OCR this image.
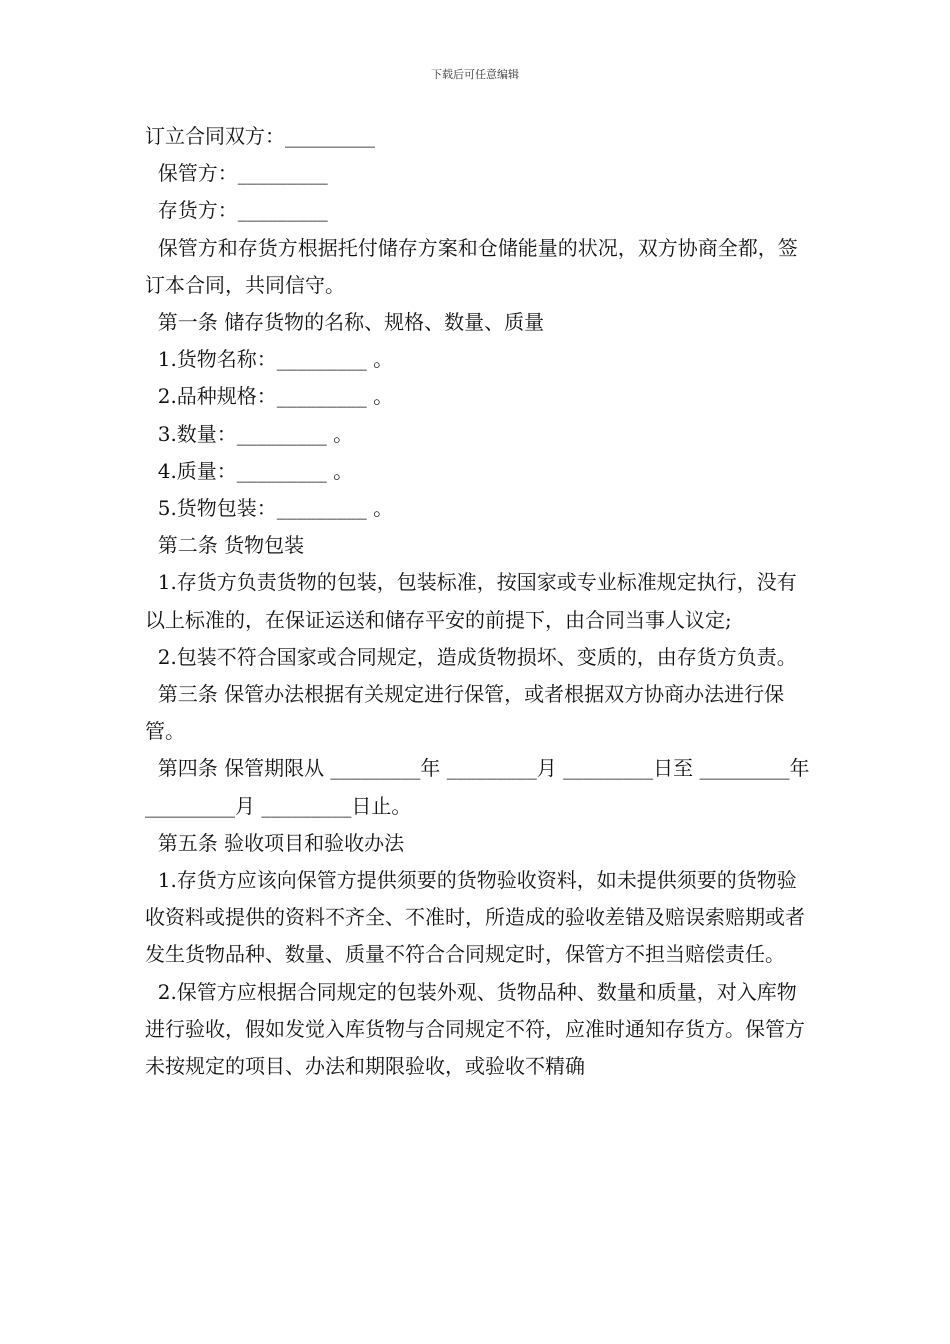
下载后可任意编辑
订立合同双方：_________
保管方：_________
存货方：_________
保管方和存货方根据托付储存方案和仓储能量的状况，双方协商全都，签订本合同，共同信守。
第一条 储存货物的名称、规格、数量、质量
1.货物名称：_________ 。
2.品种规格：_________ 。
3.数量：_________ 。
4.质量：_________ 。
5.货物包装：_________ 。
第二条 货物包装
1.存货方负责货物的包装，包装标准，按国家或专业标准规定执行，没有以上标准的，在保证运送和储存平安的前提下，由合同当事人议定;
2.包装不符合国家或合同规定，造成货物损坏、变质的，由存货方负责。
第三条 保管办法根据有关规定进行保管，或者根据双方协商办法进行保管。
第四条 保管期限从 _________年 _________月 _________日至 _________年 _________月 _________日止。
第五条 验收项目和验收办法
1.存货方应该向保管方提供须要的货物验收资料，如未提供须要的货物验收资料或提供的资料不齐全、不准时，所造成的验收差错及赔误索赔期或者发生货物品种、数量、质量不符合合同规定时，保管方不担当赔偿责任。
2.保管方应根据合同规定的包装外观、货物品种、数量和质量，对入库物进行验收，假如发觉入库货物与合同规定不符，应准时通知存货方。保管方未按规定的项目、办法和期限验收，或验收不精确
